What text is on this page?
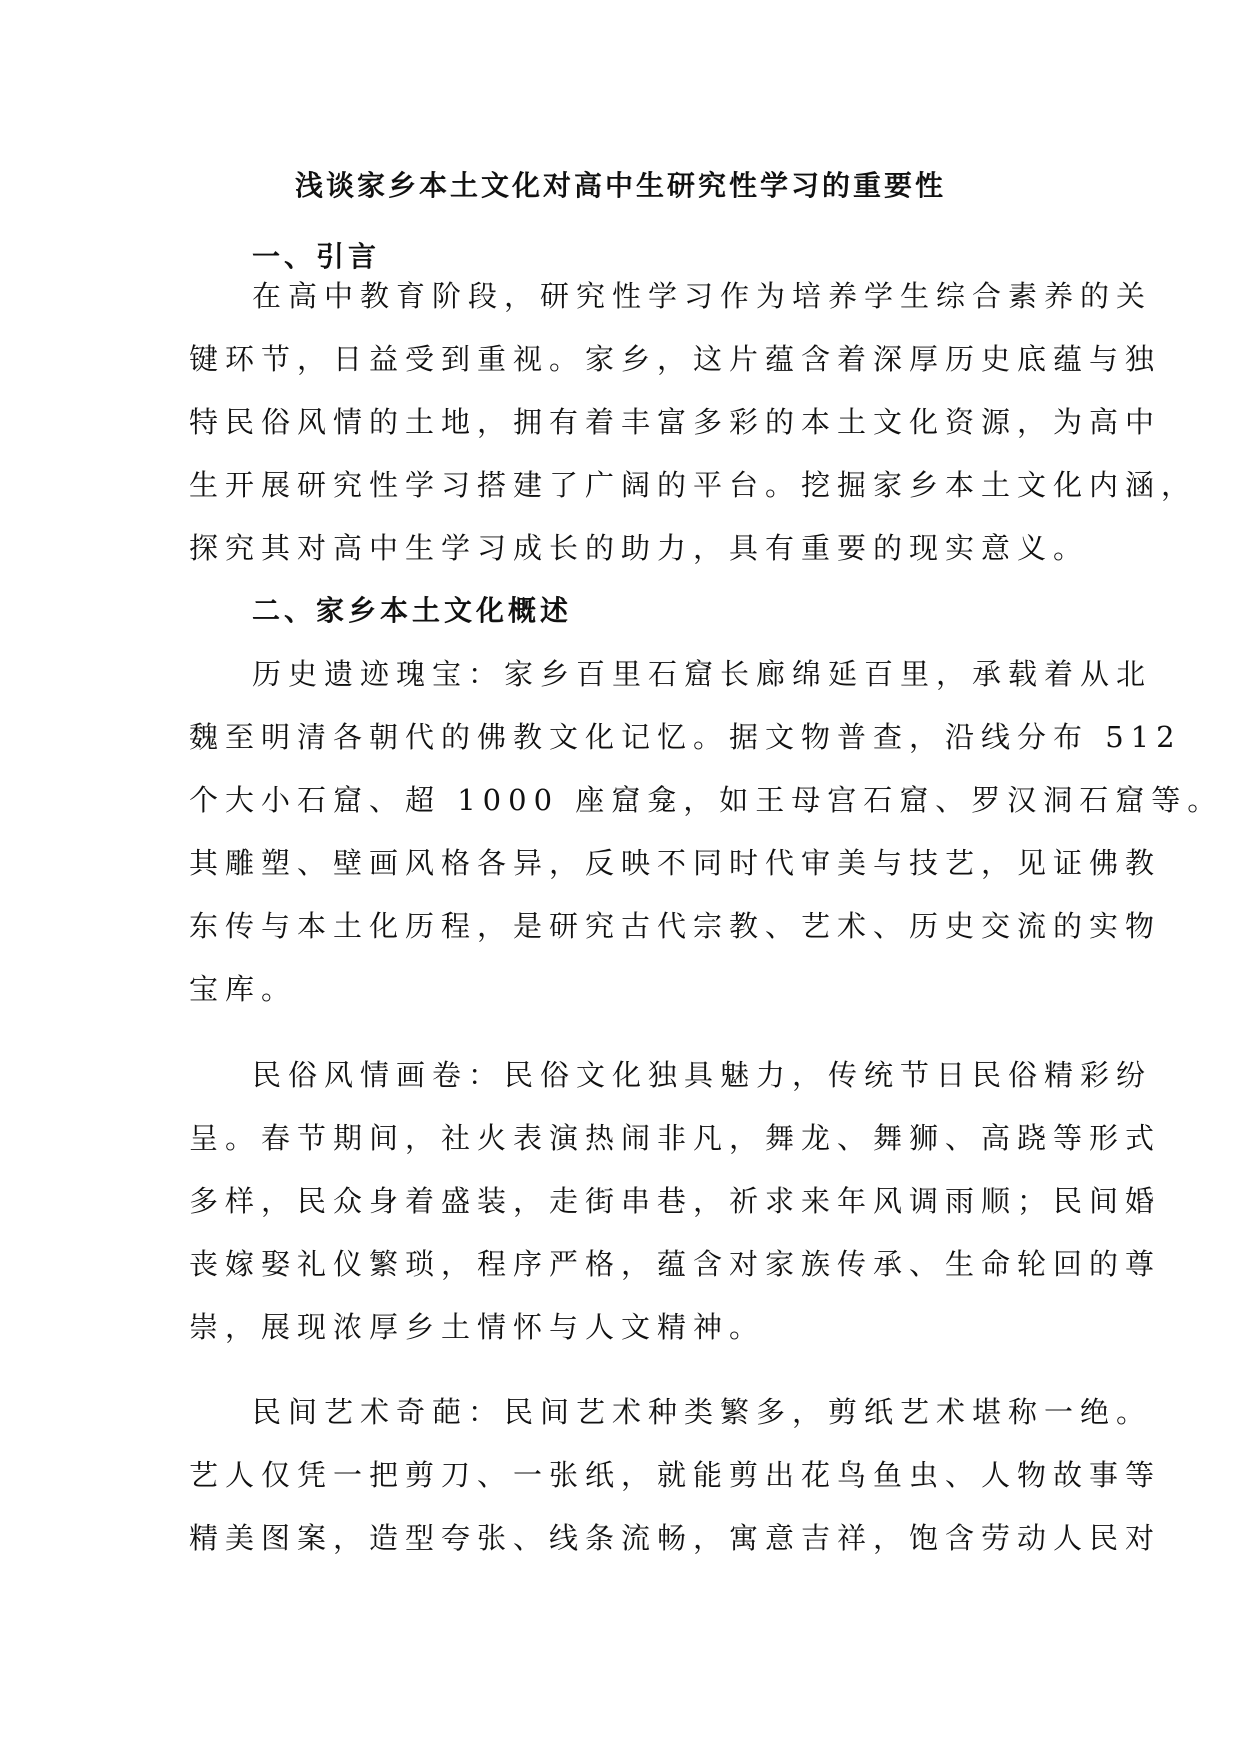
浅谈家乡本土文化对高中生研究性学习的重要性
一、引言

在高中教育阶段，研究性学习作为培养学生综合素养的关

键环节，日益受到重视。家乡，这片蕴含着深厚历史底蕴与独

特民俗风情的土地，拥有着丰富多彩的本土文化资源，为高中

生开展研究性学习搭建了广阔的平台。挖掘家乡本土文化内涵，

探究其对高中生学习成长的助力，具有重要的现实意义。

二、家乡本土文化概述

历史遗迹瑰宝：家乡百里石窟长廊绵延百里，承载着从北

魏至明清各朝代的佛教文化记忆。据文物普查，沿线分布 512

个大小石窟、超 1000 座窟龛，如王母宫石窟、罗汉洞石窟等。

其雕塑、壁画风格各异，反映不同时代审美与技艺，见证佛教

东传与本土化历程，是研究古代宗教、艺术、历史交流的实物

宝库。

民俗风情画卷：民俗文化独具魅力，传统节日民俗精彩纷

呈。春节期间，社火表演热闹非凡，舞龙、舞狮、高跷等形式

多样，民众身着盛装，走街串巷，祈求来年风调雨顺；民间婚

丧嫁娶礼仪繁琐，程序严格，蕴含对家族传承、生命轮回的尊

崇，展现浓厚乡土情怀与人文精神。

民间艺术奇葩：民间艺术种类繁多，剪纸艺术堪称一绝。

艺人仅凭一把剪刀、一张纸，就能剪出花鸟鱼虫、人物故事等

精美图案，造型夸张、线条流畅，寓意吉祥，饱含劳动人民对
